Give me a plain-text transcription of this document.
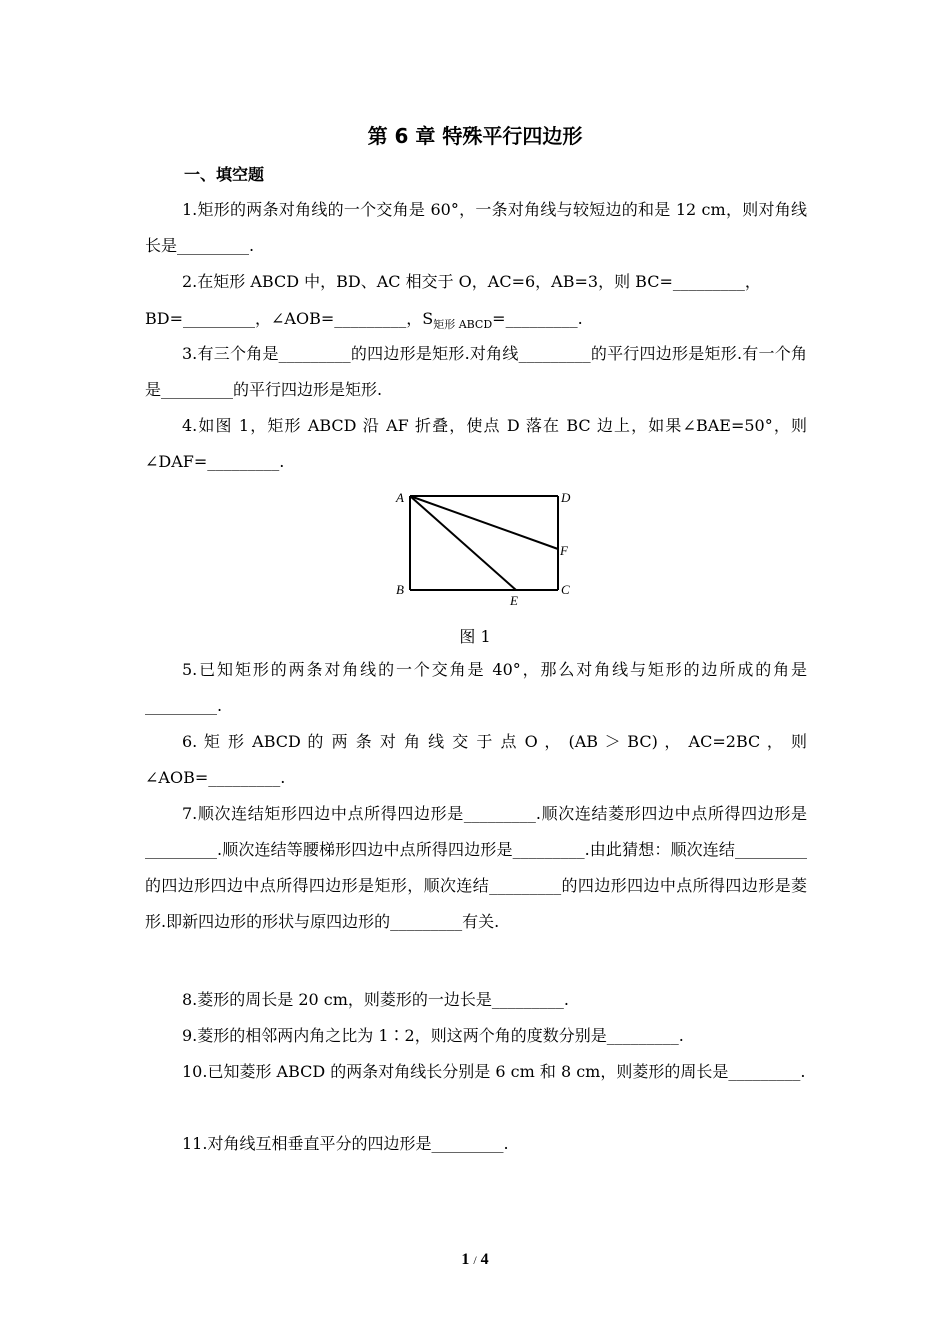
第 6 章 特殊平行四边形
一、填空题

1.矩形的两条对角线的一个交角是 60°，一条对角线与较短边的和是 12 cm，则对角线长是_________.

2.在矩形 ABCD 中，BD、AC 相交于 O，AC=6，AB=3，则 BC=_________，
BD=_________，∠AOB=_________，$S_{矩形 ABCD}=\_\_\_\_\_\_\_\_\_$.

3.有三个角是_________的四边形是矩形.对角线_________的平行四边形是矩形.有一个角是_________的平行四边形是矩形.

4.如图 1，矩形 ABCD 沿 AF 折叠，使点 D 落在 BC 边上，如果∠BAE=50°，则∠DAF=_________.

A	D
F
B	C
E
图 1

5.已知矩形的两条对角线的一个交角是 40°，那么对角线与矩形的边所成的角是_________.

6. 矩 形 ABCD 的 两 条 对 角 线 交 于 点 O ， (AB ＞ BC) ， AC=2BC ， 则∠AOB=_________.

7.顺次连结矩形四边中点所得四边形是_________.顺次连结菱形四边中点所得四边形是_________.顺次连结等腰梯形四边中点所得四边形是_________.由此猜想：顺次连结_________的四边形四边中点所得四边形是矩形，顺次连结_________的四边形四边中点所得四边形是菱形.即新四边形的形状与原四边形的_________有关.

8.菱形的周长是 20 cm，则菱形的一边长是_________.

9.菱形的相邻两内角之比为 1∶2，则这两个角的度数分别是_________.

10.已知菱形 ABCD 的两条对角线长分别是 6 cm 和 8 cm，则菱形的周长是_________.

11.对角线互相垂直平分的四边形是_________.

1 / 4
